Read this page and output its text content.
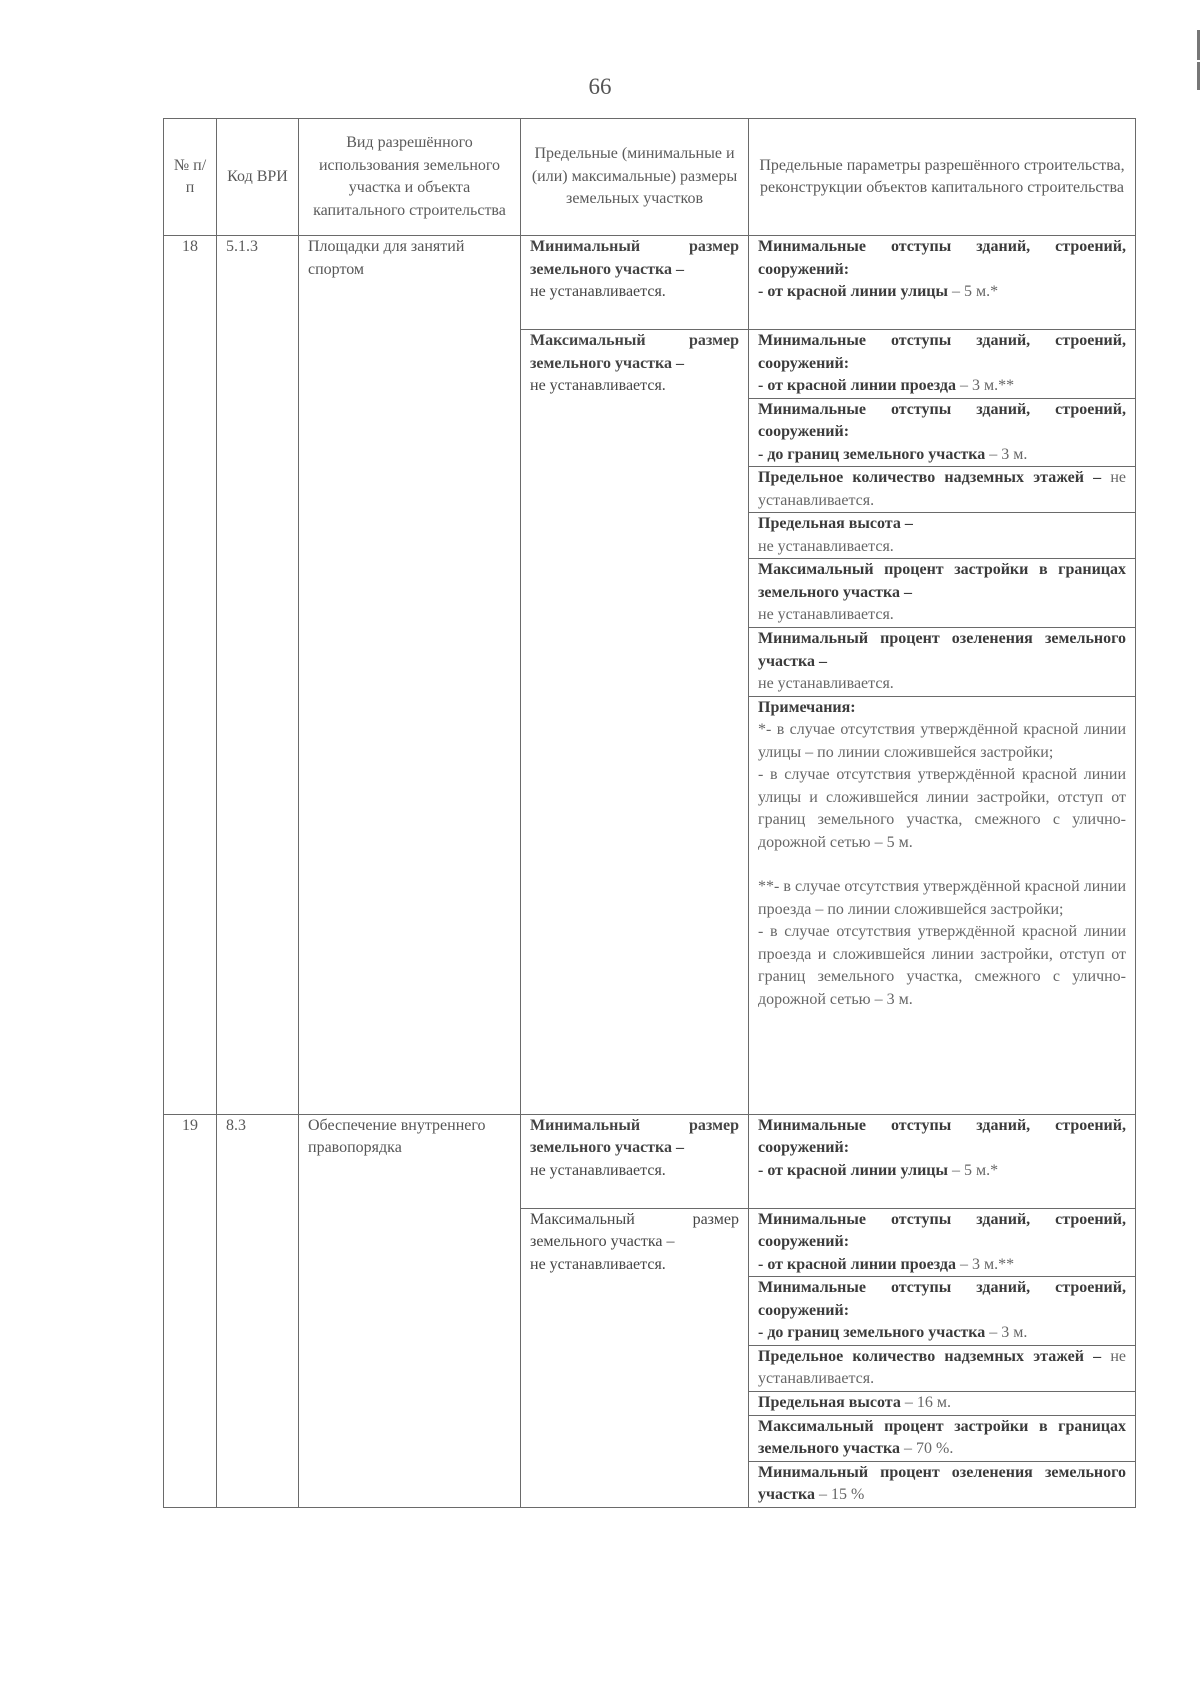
66
№ п/п	Код ВРИ	Вид разрешённого использования земельного участка и объекта капитального строительства	Предельные (минимальные и (или) максимальные) размеры земельных участков	Предельные параметры разрешённого строительства, реконструкции объектов капитального строительства
18	5.1.3	Площадки для занятий спортом	Минимальный размер земельного участка –
не устанавливается.	Минимальные отступы зданий, строений, сооружений:
- от красной линии улицы – 5 м.*
			Максимальный размер земельного участка –
не устанавливается.	Минимальные отступы зданий, строений, сооружений:
- от красной линии проезда – 3 м.**
				Минимальные отступы зданий, строений, сооружений:
- до границ земельного участка – 3 м.
				Предельное количество надземных этажей – не устанавливается.
				Предельная высота –
не устанавливается.
				Максимальный процент застройки в границах земельного участка –
не устанавливается.
				Минимальный процент озеленения земельного участка –
не устанавливается.

				Примечания:

*- в случае отсутствия утверждённой красной линии улицы – по линии сложившейся застройки;

- в случае отсутствия утверждённой красной линии улицы и сложившейся линии застройки, отступ от границ земельного участка, смежного с улично-дорожной сетью – 5 м.

**- в случае отсутствия утверждённой красной линии проезда – по линии сложившейся застройки;

- в случае отсутствия утверждённой красной линии проезда и сложившейся линии застройки, отступ от границ земельного участка, смежного с улично-дорожной сетью – 3 м.

19	8.3	Обеспечение внутреннего правопорядка	Минимальный размер земельного участка –
не устанавливается.	Минимальные отступы зданий, строений, сооружений:
- от красной линии улицы – 5 м.*
			Максимальный размер земельного участка –
не устанавливается.	Минимальные отступы зданий, строений, сооружений:
- от красной линии проезда – 3 м.**
				Минимальные отступы зданий, строений, сооружений:
- до границ земельного участка – 3 м.
				Предельное количество надземных этажей – не устанавливается.
				Предельная высота – 16 м.
				Максимальный процент застройки в границах земельного участка – 70 %.
				Минимальный процент озеленения земельного участка – 15 %
